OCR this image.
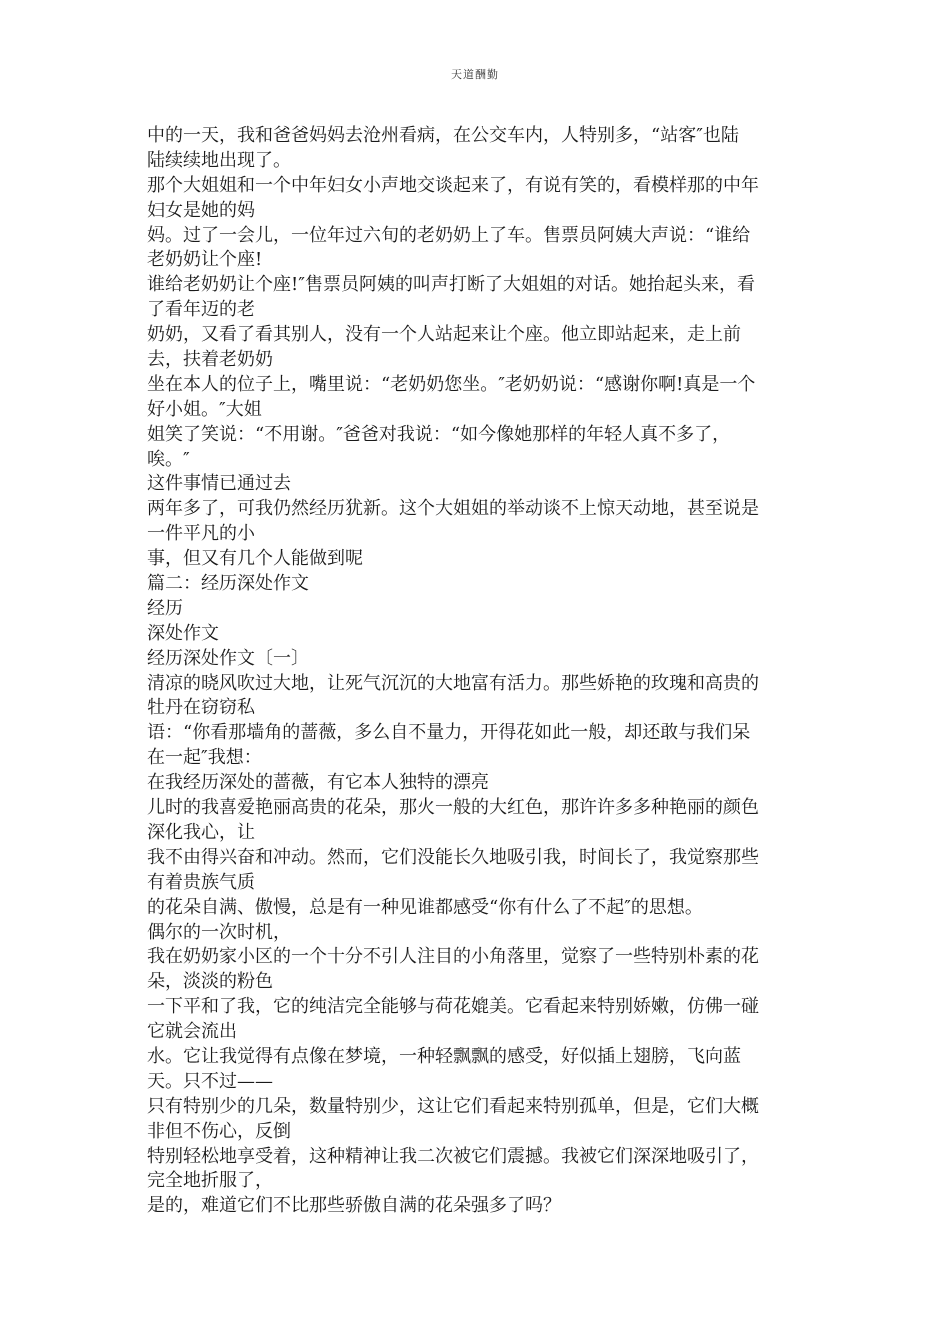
天道酬勤
中的一天，我和爸爸妈妈去沧州看病，在公交车内，人特别多，“站客″也陆
陆续续地出现了。
那个大姐姐和一个中年妇女小声地交谈起来了，有说有笑的，看模样那的中年
妇女是她的妈
妈。过了一会儿，一位年过六旬的老奶奶上了车。售票员阿姨大声说：“谁给
老奶奶让个座!
谁给老奶奶让个座!″售票员阿姨的叫声打断了大姐姐的对话。她抬起头来，看
了看年迈的老
奶奶，又看了看其别人，没有一个人站起来让个座。他立即站起来，走上前
去，扶着老奶奶
坐在本人的位子上，嘴里说：“老奶奶您坐。″老奶奶说：“感谢你啊!真是一个
好小姐。″大姐
姐笑了笑说：“不用谢。″爸爸对我说：“如今像她那样的年轻人真不多了，
唉。″
这件事情已通过去
两年多了，可我仍然经历犹新。这个大姐姐的举动谈不上惊天动地，甚至说是
一件平凡的小
事，但又有几个人能做到呢
篇二：经历深处作文
经历
深处作文
经历深处作文〔一〕
清凉的晓风吹过大地，让死气沉沉的大地富有活力。那些娇艳的玫瑰和高贵的
牡丹在窃窃私
语：“你看那墙角的蔷薇，多么自不量力，开得花如此一般，却还敢与我们呆
在一起″我想：
在我经历深处的蔷薇，有它本人独特的漂亮
儿时的我喜爱艳丽高贵的花朵，那火一般的大红色，那许许多多种艳丽的颜色
深化我心，让
我不由得兴奋和冲动。然而，它们没能长久地吸引我，时间长了，我觉察那些
有着贵族气质
的花朵自满、傲慢，总是有一种见谁都感受“你有什么了不起″的思想。
偶尔的一次时机，
我在奶奶家小区的一个十分不引人注目的小角落里，觉察了一些特别朴素的花
朵，淡淡的粉色
一下平和了我，它的纯洁完全能够与荷花媲美。它看起来特别娇嫩，仿佛一碰
它就会流出
水。它让我觉得有点像在梦境，一种轻飘飘的感受，好似插上翅膀，飞向蓝
天。只不过——
只有特别少的几朵，数量特别少，这让它们看起来特别孤单，但是，它们大概
非但不伤心，反倒
特别轻松地享受着，这种精神让我二次被它们震撼。我被它们深深地吸引了，
完全地折服了，
是的，难道它们不比那些骄傲自满的花朵强多了吗？
